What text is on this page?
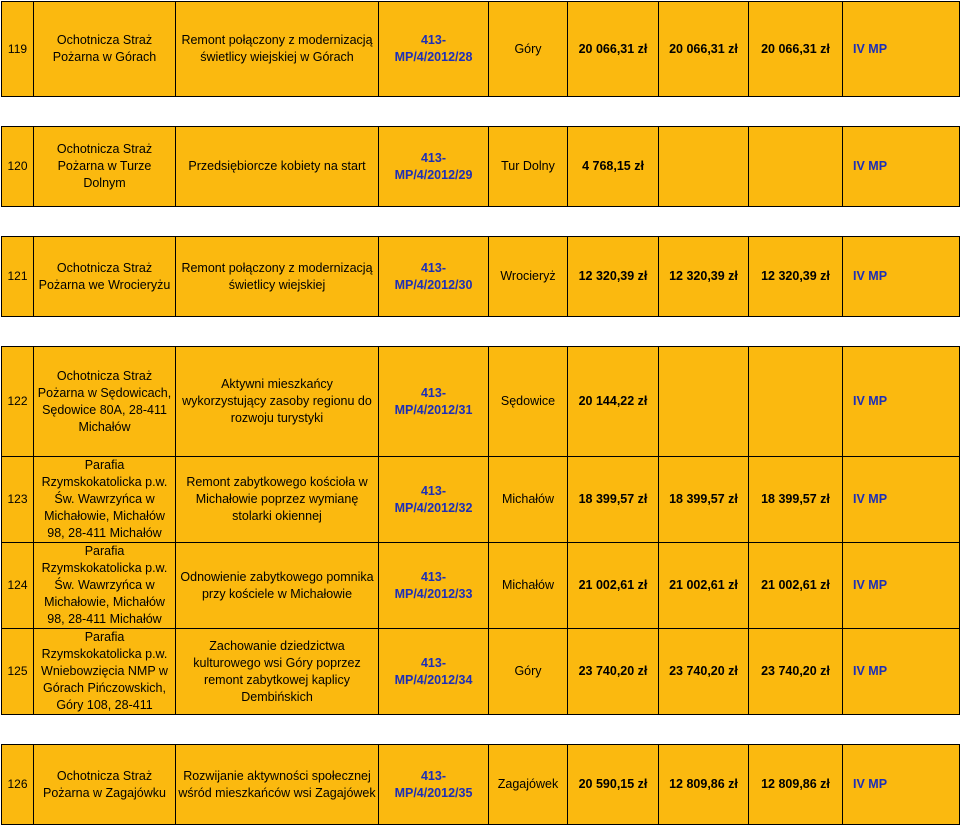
119	Ochotnicza Straż
Pożarna w Górach	Remont połączony z modernizacją świetlicy wiejskiej w Górach	413-
MP/4/2012/28	Góry	20 066,31 zł	20 066,31 zł	20 066,31 zł	IV MP

120	Ochotnicza Straż
Pożarna w Turze Dolnym	Przedsiębiorcze kobiety na start	413-
MP/4/2012/29	Tur Dolny	4 768,15 zł			IV MP

121	Ochotnicza Straż
Pożarna we Wrocieryżu	Remont połączony z modernizacją świetlicy wiejskiej	413-
MP/4/2012/30	Wrocieryż	12 320,39 zł	12 320,39 zł	12 320,39 zł	IV MP

122	Ochotnicza Straż
Pożarna w Sędowicach,
Sędowice 80A, 28-411
Michałów	Aktywni mieszkańcy wykorzystujący zasoby regionu do rozwoju turystyki	413-
MP/4/2012/31	Sędowice	20 144,22 zł			IV MP
123	Parafia
Rzymskokatolicka p.w.
Św. Wawrzyńca w
Michałowie, Michałów
98, 28-411 Michałów	Remont zabytkowego kościoła w Michałowie poprzez wymianę stolarki okiennej	413-
MP/4/2012/32	Michałów	18 399,57 zł	18 399,57 zł	18 399,57 zł	IV MP
124	Parafia
Rzymskokatolicka p.w.
Św. Wawrzyńca w
Michałowie, Michałów
98, 28-411 Michałów	Odnowienie zabytkowego pomnika przy kościele w Michałowie	413-
MP/4/2012/33	Michałów	21 002,61 zł	21 002,61 zł	21 002,61 zł	IV MP
125	Parafia
Rzymskokatolicka p.w.
Wniebowzięcia NMP w
Górach Pińczowskich,
Góry 108, 28-411	Zachowanie dziedzictwa kulturowego wsi Góry poprzez remont zabytkowej kaplicy Dembińskich	413-
MP/4/2012/34	Góry	23 740,20 zł	23 740,20 zł	23 740,20 zł	IV MP

126	Ochotnicza Straż
Pożarna w Zagajówku	Rozwijanie aktywności społecznej wśród mieszkańców wsi Zagajówek	413-
MP/4/2012/35	Zagajówek	20 590,15 zł	12 809,86 zł	12 809,86 zł	IV MP
